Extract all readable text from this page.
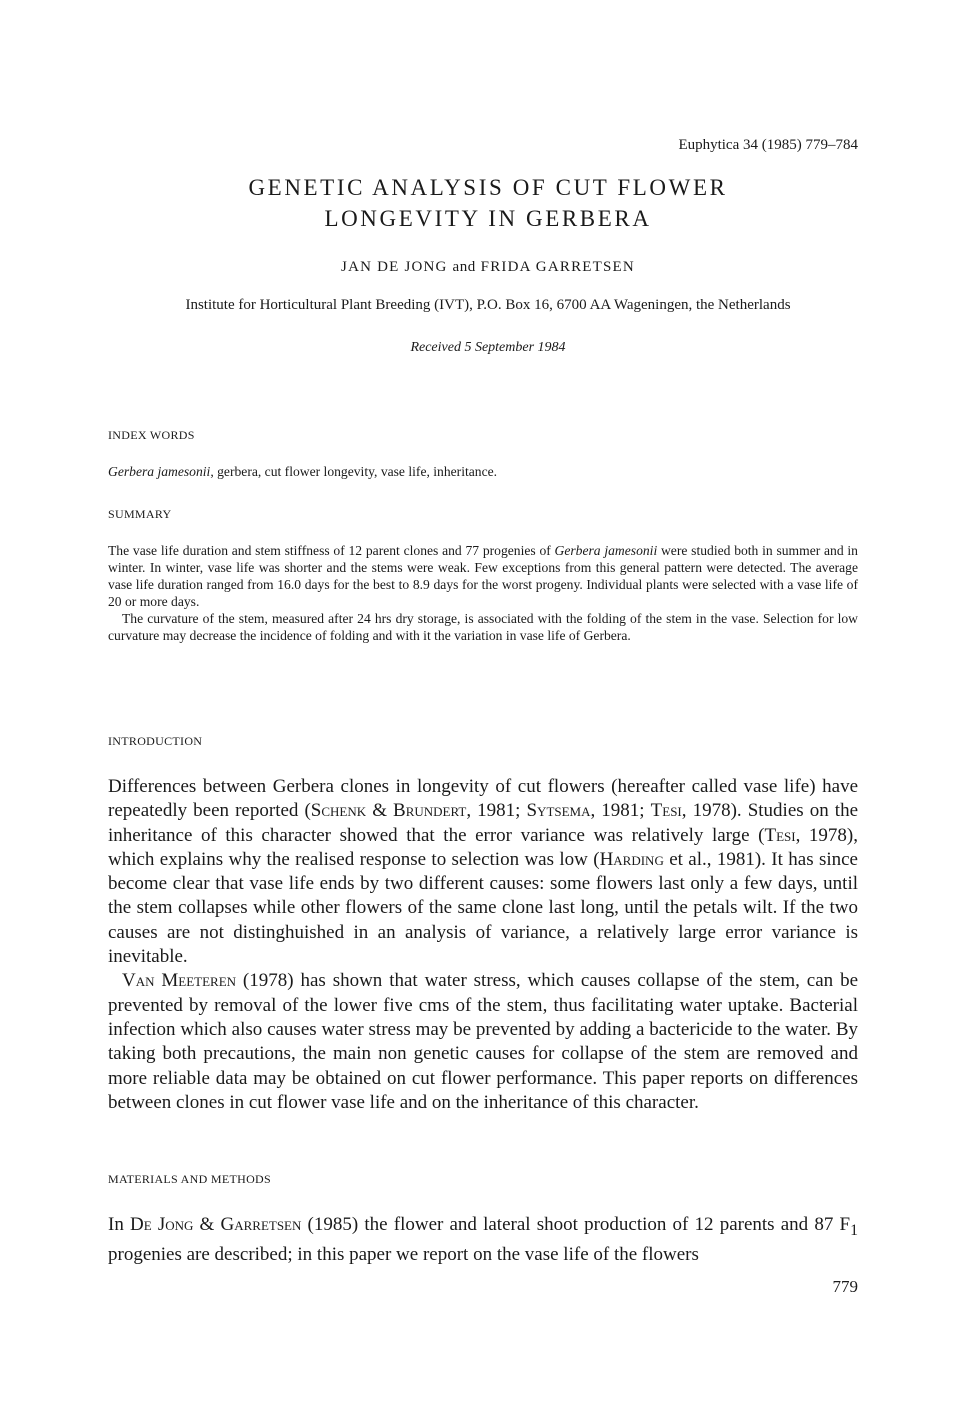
Euphytica 34 (1985) 779–784
GENETIC ANALYSIS OF CUT FLOWER
LONGEVITY IN GERBERA
JAN DE JONG and FRIDA GARRETSEN
Institute for Horticultural Plant Breeding (IVT), P.O. Box 16, 6700 AA Wageningen, the Netherlands
Received 5 September 1984
INDEX WORDS

Gerbera jamesonii, gerbera, cut flower longevity, vase life, inheritance.

SUMMARY

The vase life duration and stem stiffness of 12 parent clones and 77 progenies of Gerbera jamesonii were studied both in summer and in winter. In winter, vase life was shorter and the stems were weak. Few exceptions from this general pattern were detected. The average vase life duration ranged from 16.0 days for the best to 8.9 days for the worst progeny. Individual plants were selected with a vase life of 20 or more days.

The curvature of the stem, measured after 24 hrs dry storage, is associated with the folding of the stem in the vase. Selection for low curvature may decrease the incidence of folding and with it the variation in vase life of Gerbera.

INTRODUCTION

Differences between Gerbera clones in longevity of cut flowers (hereafter called vase life) have repeatedly been reported (Schenk & Brundert, 1981; Sytsema, 1981; Tesi, 1978). Studies on the inheritance of this character showed that the error variance was relatively large (Tesi, 1978), which explains why the realised response to selection was low (Harding et al., 1981). It has since become clear that vase life ends by two different causes: some flowers last only a few days, until the stem collapses while other flowers of the same clone last long, until the petals wilt. If the two causes are not distinghuished in an analysis of variance, a relatively large error variance is inevitable.

Van Meeteren (1978) has shown that water stress, which causes collapse of the stem, can be prevented by removal of the lower five cms of the stem, thus facilitating water uptake. Bacterial infection which also causes water stress may be prevented by adding a bactericide to the water. By taking both precautions, the main non genetic causes for collapse of the stem are removed and more reliable data may be obtained on cut flower performance. This paper reports on differences between clones in cut flower vase life and on the inheritance of this character.

MATERIALS AND METHODS

In De Jong & Garretsen (1985) the flower and lateral shoot production of 12 parents and 87 $F_1$ progenies are described; in this paper we report on the vase life of the flowers

779
